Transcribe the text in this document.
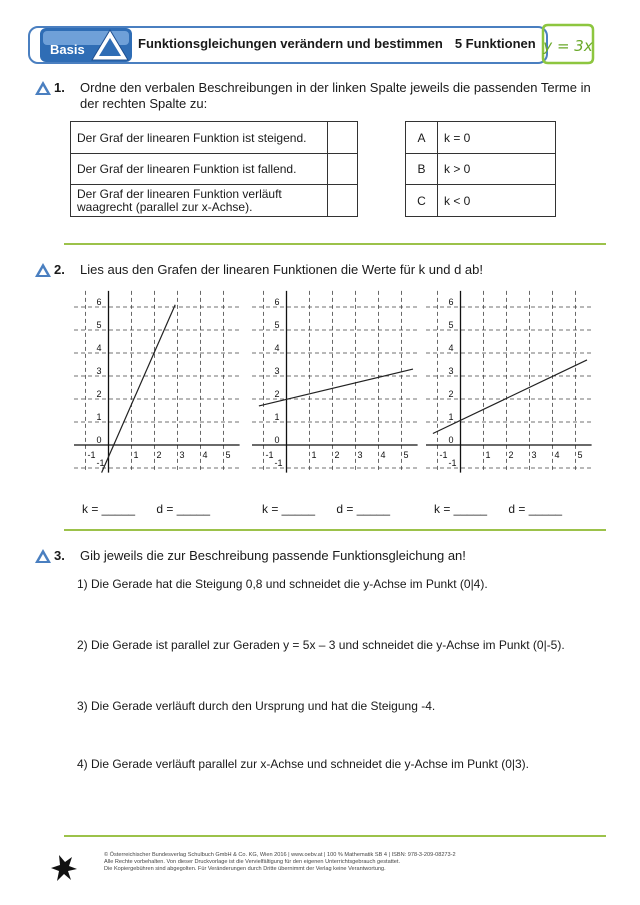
Basis	Funktionsgleichungen verändern und bestimmen 5 Funktionen y = 3x
1. Ordne den verbalen Beschreibungen in der linken Spalte jeweils die passenden Terme in der rechten Spalte zu:
Der Graf der linearen Funktion ist steigend.	
Der Graf der linearen Funktion ist fallend.	
Der Graf der linearen Funktion verläuft waagrecht (parallel zur x-Achse).	
A	k = 0
B	k > 0
C	k < 0
2. Lies aus den Grafen der linearen Funktionen die Werte für k und d ab!
-1	1 2 3 4 5
-1
0
1
2
3
4
5
6
-1	1 2 3 4 5
-1
0
1
2
3
4
5
6
-1	1 2 3 4 5
-1
0
1
2
3
4
5
6
k = _____ d = _____	k = _____ d = _____	k = _____ d = _____
3. Gib jeweils die zur Beschreibung passende Funktionsgleichung an!
1) Die Gerade hat die Steigung 0,8 und schneidet die y-Achse im Punkt (0|4).
2) Die Gerade ist parallel zur Geraden y = 5x – 3 und schneidet die y-Achse im Punkt (0|-5).
3) Die Gerade verläuft durch den Ursprung und hat die Steigung -4.
4) Die Gerade verläuft parallel zur x-Achse und schneidet die y-Achse im Punkt (0|3).
© Österreichischer Bundesverlag Schulbuch GmbH & Co. KG, Wien 2016 | www.oebv.at | 100 % Mathematik SB 4 | ISBN: 978-3-209-08273-2
Alle Rechte vorbehalten. Von dieser Druckvorlage ist die Vervielfältigung für den eigenen Unterrichtsgebrauch gestattet.
Die Kopiergebühren sind abgegolten. Für Veränderungen durch Dritte übernimmt der Verlag keine Verantwortung.
